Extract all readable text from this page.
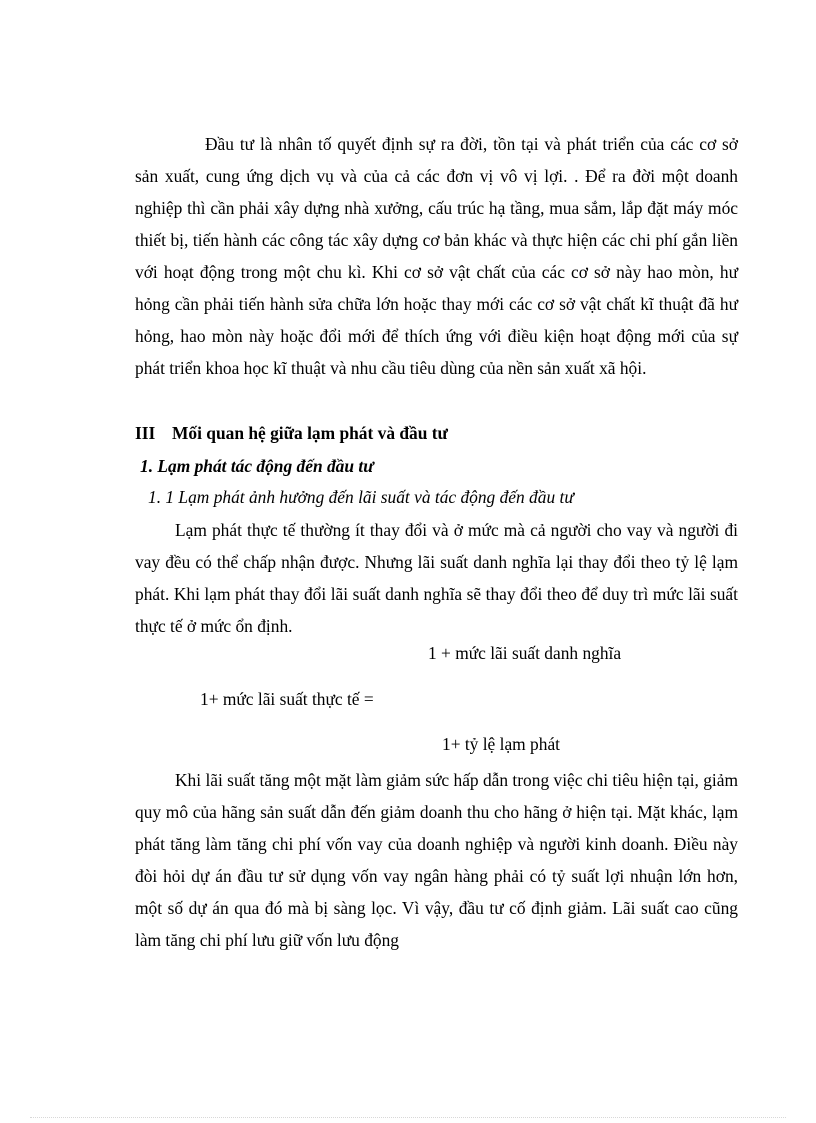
Đầu tư là nhân tố quyết định sự ra đời, tồn tại và phát triển của các cơ sở sản xuất, cung ứng dịch vụ và của cả các đơn vị vô vị lợi. . Để ra đời một doanh nghiệp thì cần phải xây dựng nhà xưởng, cấu trúc hạ tầng, mua sắm, lắp đặt máy móc thiết bị, tiến hành các công tác xây dựng cơ bản khác và thực hiện các chi phí gắn liền với hoạt động trong một chu kì. Khi cơ sở vật chất của các cơ sở này hao mòn, hư hỏng cần phải tiến hành sửa chữa lớn hoặc thay mới các cơ sở vật chất kĩ thuật đã hư hỏng, hao mòn này hoặc đổi mới để thích ứng với điều kiện hoạt động mới của sự phát triển khoa học kĩ thuật và nhu cầu tiêu dùng của nền sản xuất xã hội.

III Mối quan hệ giữa lạm phát và đầu tư

1. Lạm phát tác động đến đầu tư

1. 1 Lạm phát ảnh hưởng đến lãi suất và tác động đến đầu tư

Lạm phát thực tế thường ít thay đổi và ở mức mà cả người cho vay và người đi vay đều có thể chấp nhận được. Nhưng lãi suất danh nghĩa lại thay đổi theo tỷ lệ lạm phát. Khi lạm phát thay đổi lãi suất danh nghĩa sẽ thay đổi theo để duy trì mức lãi suất thực tế ở mức ổn định.

1 + mức lãi suất danh nghĩa

1+ mức lãi suất thực tế =

1+ tỷ lệ lạm phát

Khi lãi suất tăng một mặt làm giảm sức hấp dẫn trong việc chi tiêu hiện tại, giảm quy mô của hãng sản suất dẫn đến giảm doanh thu cho hãng ở hiện tại. Mặt khác, lạm phát tăng làm tăng chi phí vốn vay của doanh nghiệp và người kinh doanh. Điều này đòi hỏi dự án đầu tư sử dụng vốn vay ngân hàng phải có tỷ suất lợi nhuận lớn hơn, một số dự án qua đó mà bị sàng lọc. Vì vậy, đầu tư cố định giảm. Lãi suất cao cũng làm tăng chi phí lưu giữ vốn lưu động
